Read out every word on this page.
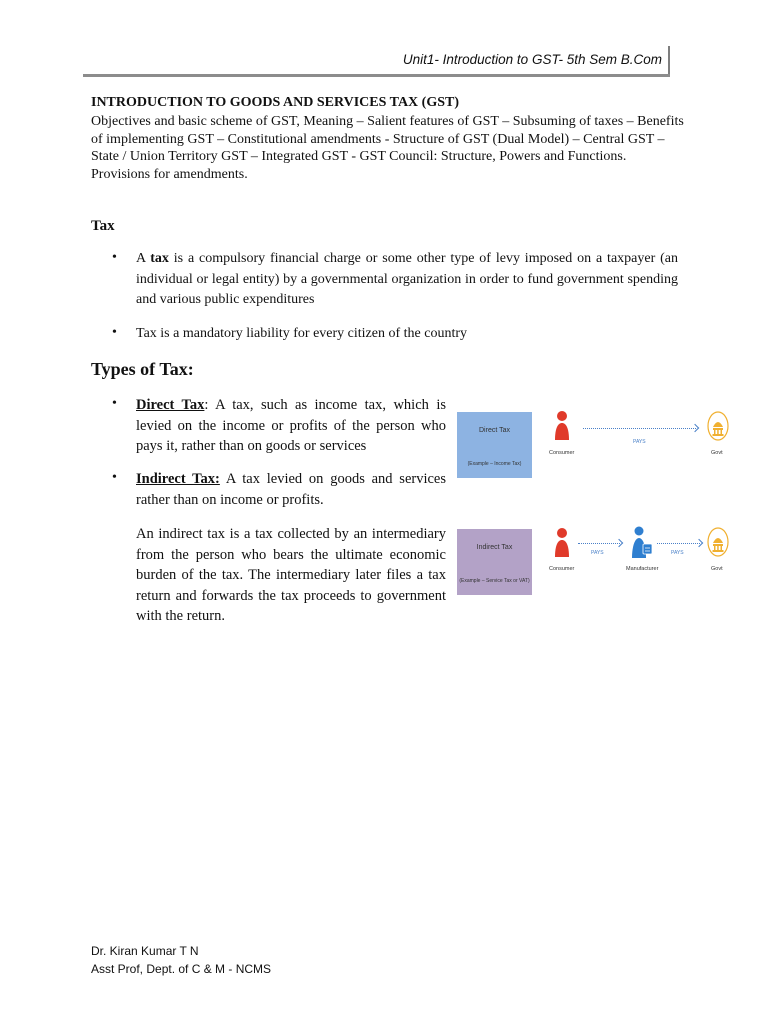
Unit1- Introduction to GST- 5th Sem B.Com
INTRODUCTION TO GOODS AND SERVICES TAX (GST)
Objectives and basic scheme of GST, Meaning – Salient features of GST – Subsuming of taxes – Benefits of implementing GST – Constitutional amendments - Structure of GST (Dual Model) – Central GST – State / Union Territory GST – Integrated GST - GST Council: Structure, Powers and Functions. Provisions for amendments.
Tax
• A tax is a compulsory financial charge or some other type of levy imposed on a taxpayer (an individual or legal entity) by a governmental organization in order to fund government spending and various public expenditures
• Tax is a mandatory liability for every citizen of the country
Types of Tax:
• Direct Tax: A tax, such as income tax, which is levied on the income or profits of the person who pays it, rather than on goods or services
• Indirect Tax: A tax levied on goods and services rather than on income or profits.
An indirect tax is a tax collected by an intermediary from the person who bears the ultimate economic burden of the tax. The intermediary later files a tax return and forwards the tax proceeds to government with the return.
Direct Tax
(Example – Income Tax)
Consumer
PAYS
Govt
Indirect Tax
(Example – Service Tax or VAT)
Consumer
PAYS
Manufacturer
PAYS
Govt
Dr. Kiran Kumar T N
Asst Prof, Dept. of C & M - NCMS
